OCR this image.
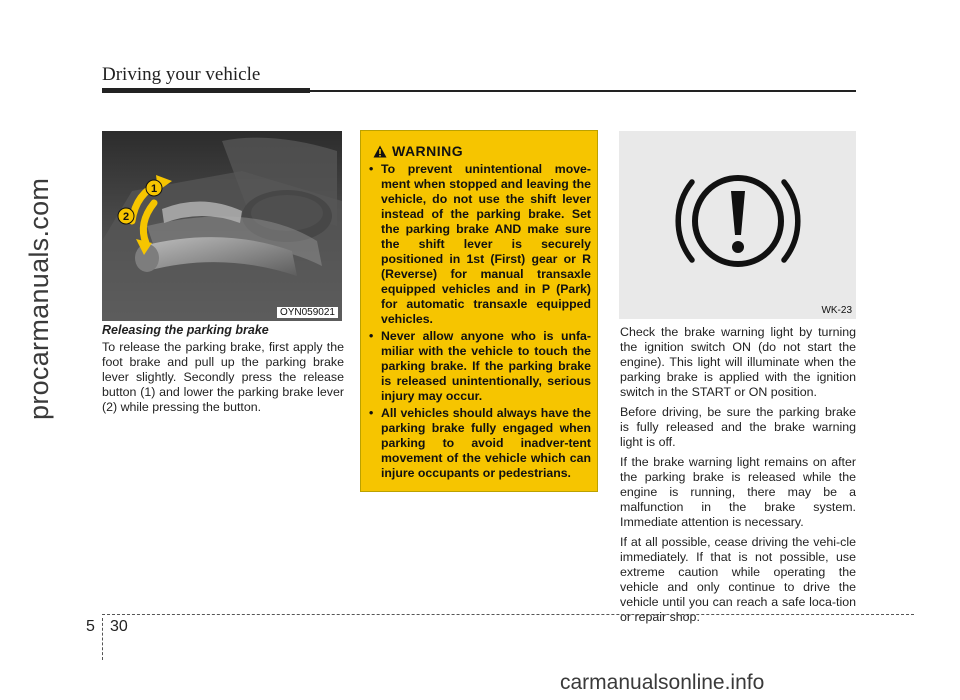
Driving your vehicle
procarmanuals.com	1
2
OYN059021
Releasing the parking brake
To release the parking brake, first apply the foot brake and pull up the parking brake lever slightly. Secondly press the release button (1) and lower the parking brake lever (2) while pressing the button.
WARNING
• To prevent unintentional move-ment when stopped and leaving the vehicle, do not use the shift lever instead of the parking brake. Set the parking brake AND make sure the shift lever is securely positioned in 1st (First) gear or R (Reverse) for manual transaxle equipped vehicles and in P (Park) for automatic transaxle equipped vehicles.
• Never allow anyone who is unfa-miliar with the vehicle to touch the parking brake. If the parking brake is released unintentionally, serious injury may occur.
• All vehicles should always have the parking brake fully engaged when parking to avoid inadver-tent movement of the vehicle which can injure occupants or pedestrians.
WK-23

Check the brake warning light by turning the ignition switch ON (do not start the engine). This light will illuminate when the parking brake is applied with the ignition switch in the START or ON position.

Before driving, be sure the parking brake is fully released and the brake warning light is off.

If the brake warning light remains on after the parking brake is released while the engine is running, there may be a malfunction in the brake system. Immediate attention is necessary.

If at all possible, cease driving the vehi-cle immediately. If that is not possible, use extreme caution while operating the vehicle and only continue to drive the vehicle until you can reach a safe loca-tion or repair shop.

5 30
carmanualsonline.info
